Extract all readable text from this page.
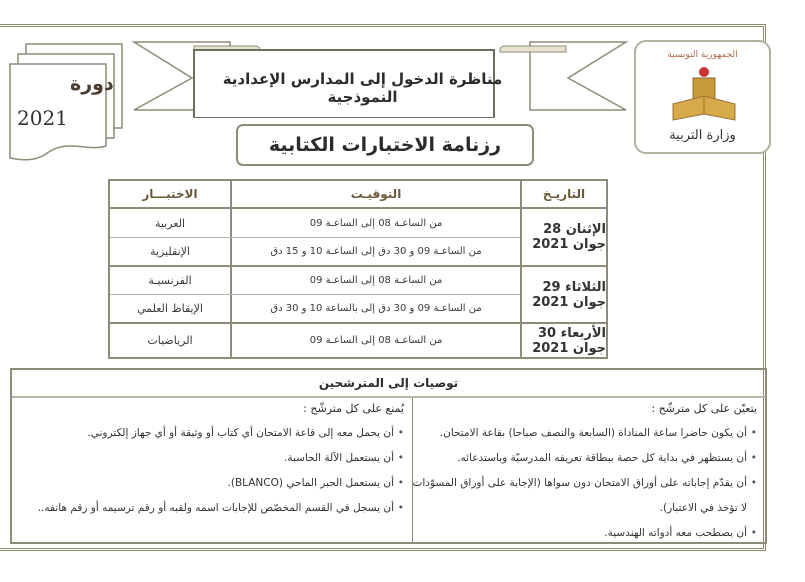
دورة
2021
مناظرة الدخول إلى المدارس الإعدادية النموذجية
رزنامة الاختبارات الكتابية
الجمهورية التونسية
وزارة التربية
الاختبـــار	التوقيـت	التاريـخ
العربية	من الساعـة 08 إلى الساعـة 09
الإنقليزية	من الساعـة 09 و 30 دق إلى الساعـة 10 و 15 دق
الإثنان 28 جوان 2021
الفرنسيـة	من الساعـة 08 إلى الساعـة 09
الإيقاظ العلمي	من الساعـة 09 و 30 دق إلى بالساعة 10 و 30 دق
الثلاثاء 29 جوان 2021
الرياضيات	من الساعـة 08 إلى الساعـة 09	الأربعاء 30 جوان 2021
توصيات إلى المترشحين

يتعيّن على كل مترشّح :

• أن يكون حاضرا ساعة المناداة (السابعة والنصف صباحا) بقاعة الامتحان.
• أن يستظهر في بداية كل حصة ببطاقة تعريفه المدرسيّة وباستدعائه.
• أن يقدّم إجاباته على أوراق الامتحان دون سواها (الإجابة على أوراق المسوّدات
لا تؤخذ في الاعتبار).
• أن يصطحب معه أدواته الهندسية.

يُمنع على كل مترشّح :

• أن يحمل معه إلى قاعة الامتحان أي كتاب أو وثيقة أو أي جهاز إلكتروني.
• أن يستعمل الآلة الحاسبة.
• أن يستعمل الحبر الماحي (BLANCO).
• أن يسجل في القسم المخصّص للإجابات اسمه ولقبه أو رقم ترسيمه أو رقم هاتفه..
